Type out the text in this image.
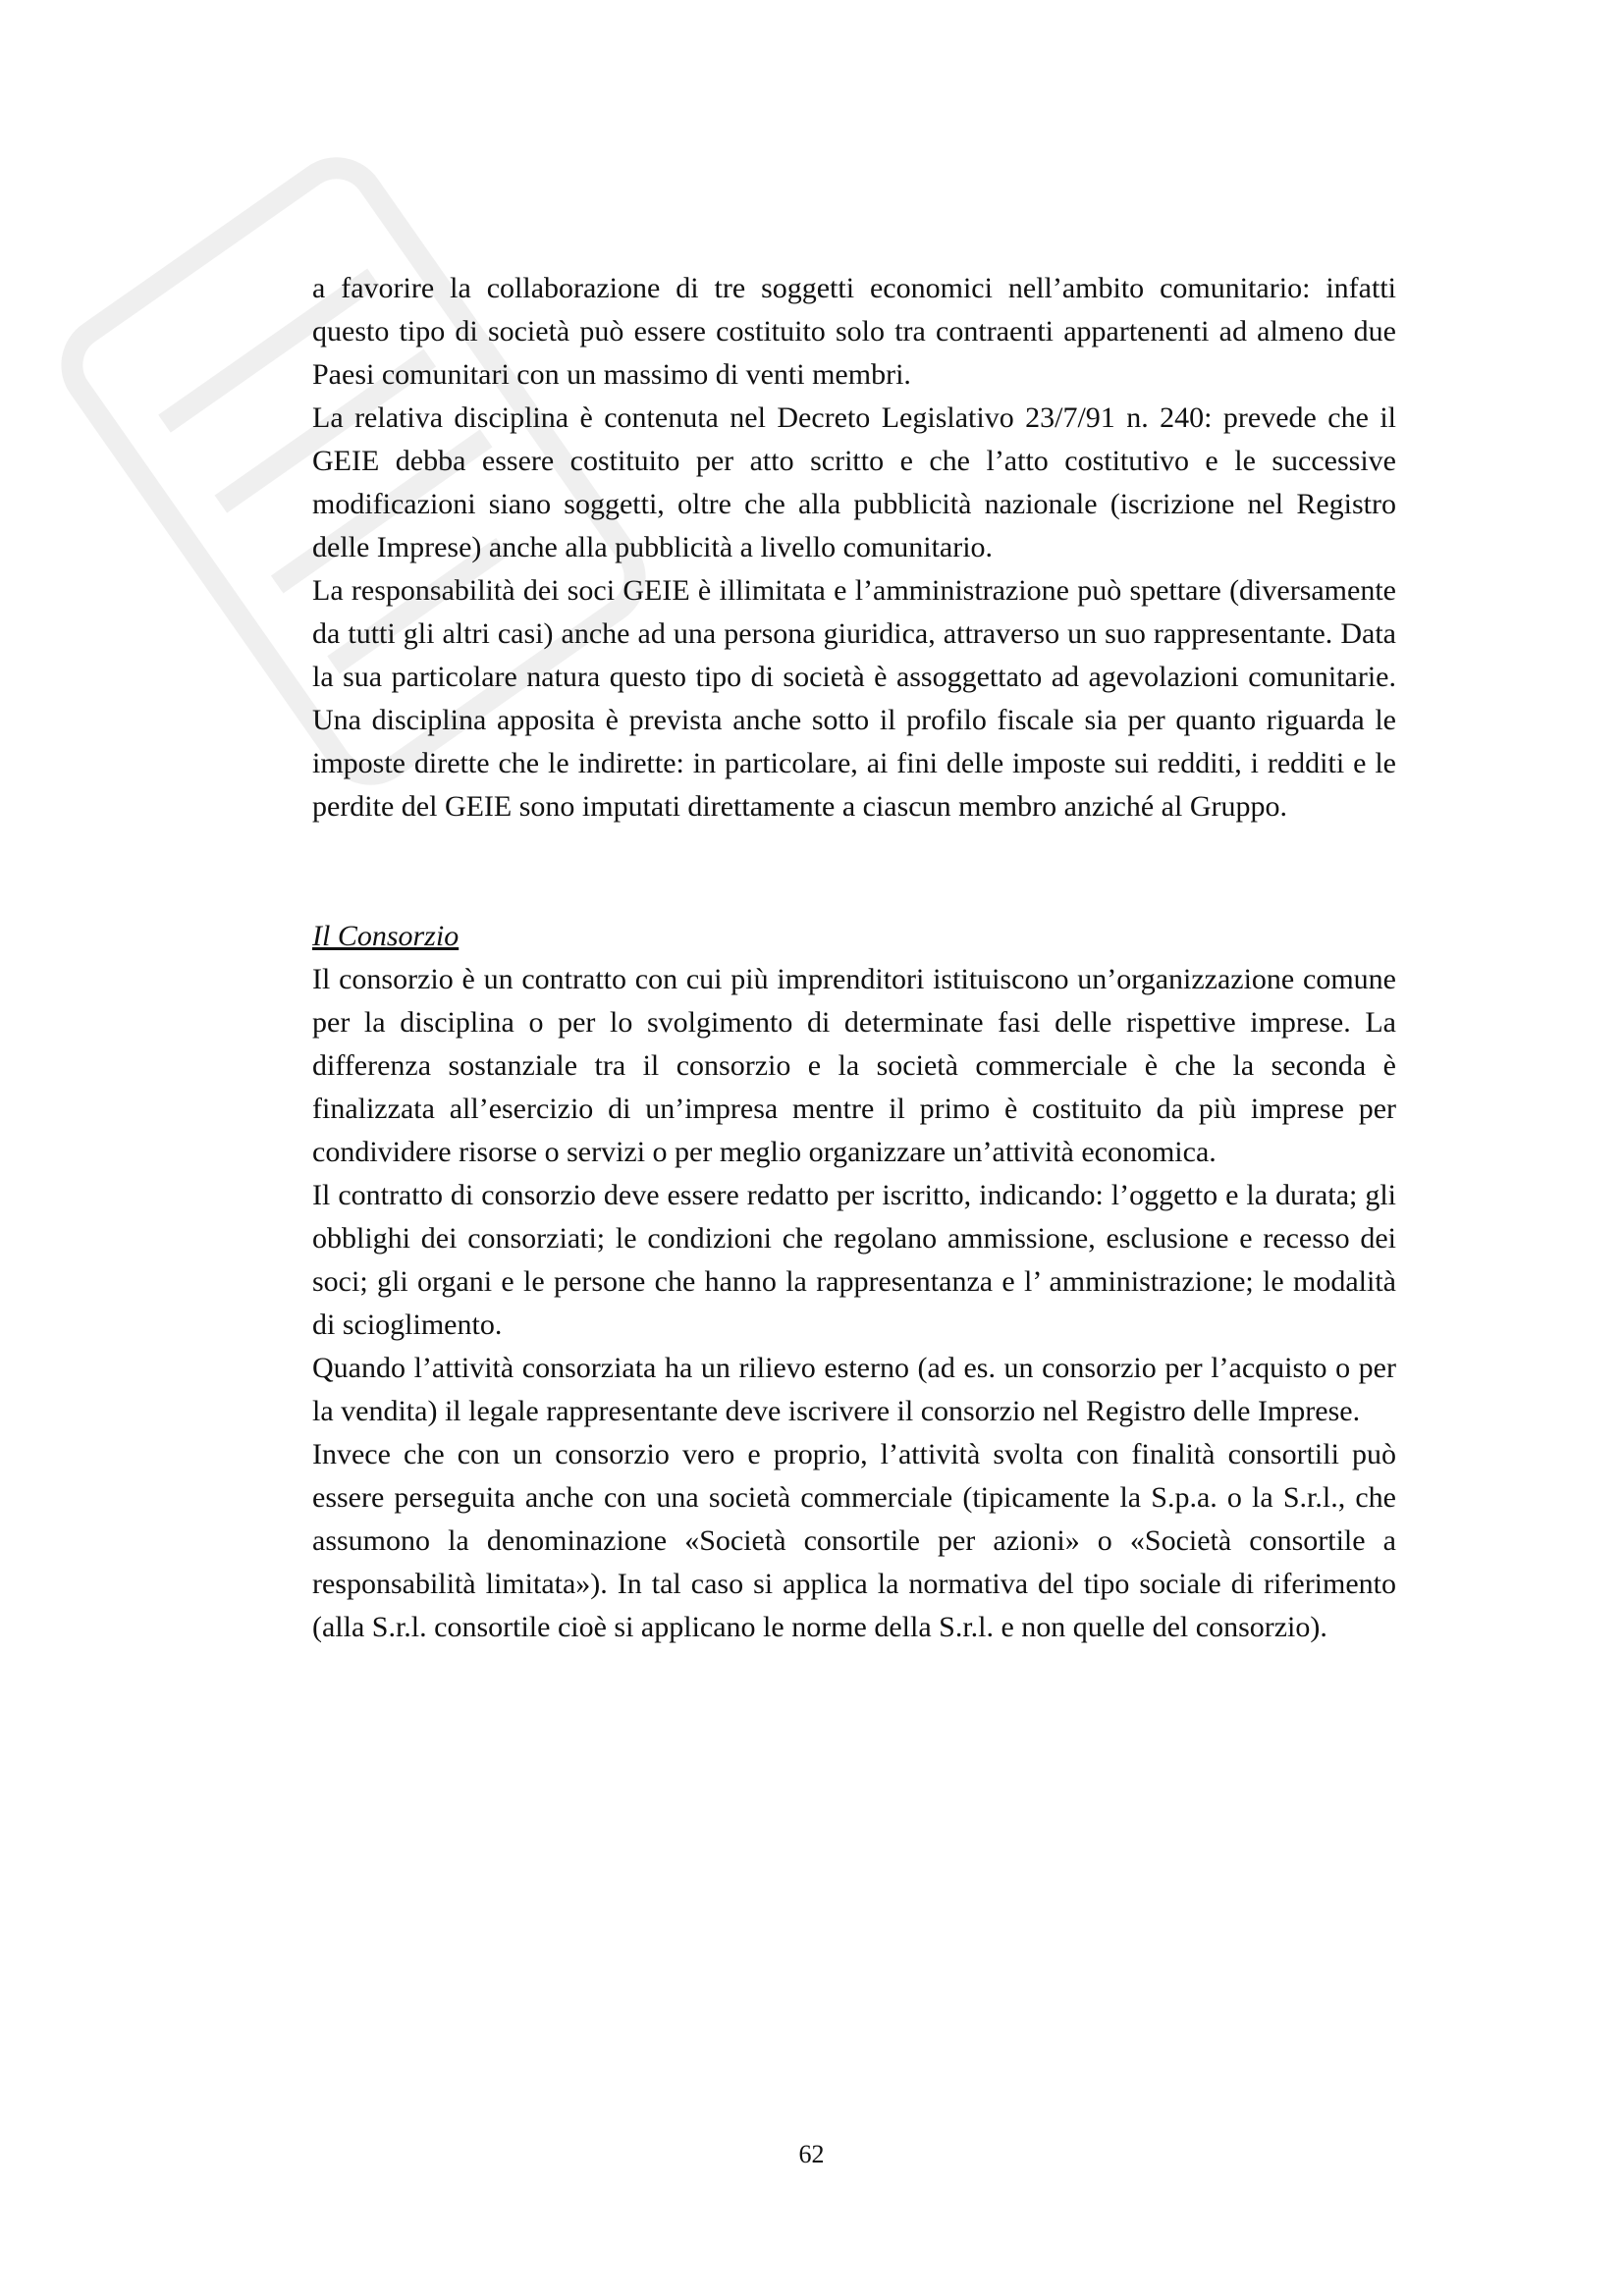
a favorire la collaborazione di tre soggetti economici nell’ambito comunitario: infatti questo tipo di società può essere costituito solo tra contraenti appartenenti ad almeno due Paesi comunitari con un massimo di venti membri.

La relativa disciplina è contenuta nel Decreto Legislativo 23/7/91 n. 240: prevede che il GEIE debba essere costituito per atto scritto e che l’atto costitutivo e le successive modificazioni siano soggetti, oltre che alla pubblicità nazionale (iscrizione nel Registro delle Imprese) anche alla pubblicità a livello comunitario.

La responsabilità dei soci GEIE è illimitata e l’amministrazione può spettare (diversamente da tutti gli altri casi) anche ad una persona giuridica, attraverso un suo rappresentante. Data la sua particolare natura questo tipo di società è assoggettato ad agevolazioni comunitarie. Una disciplina apposita è prevista anche sotto il profilo fiscale sia per quanto riguarda le imposte dirette che le indirette: in particolare, ai fini delle imposte sui redditi, i redditi e le perdite del GEIE sono imputati direttamente a ciascun membro anziché al Gruppo.

Il Consorzio

Il consorzio è un contratto con cui più imprenditori istituiscono un’organizzazione comune per la disciplina o per lo svolgimento di determinate fasi delle rispettive imprese. La differenza sostanziale tra il consorzio e la società commerciale è che la seconda è finalizzata all’esercizio di un’impresa mentre il primo è costituito da più imprese per condividere risorse o servizi o per meglio organizzare un’attività economica.

Il contratto di consorzio deve essere redatto per iscritto, indicando: l’oggetto e la durata; gli obblighi dei consorziati; le condizioni che regolano ammissione, esclusione e recesso dei soci; gli organi e le persone che hanno la rappresentanza e l’ amministrazione; le modalità di scioglimento.

Quando l’attività consorziata ha un rilievo esterno (ad es. un consorzio per l’acquisto o per la vendita) il legale rappresentante deve iscrivere il consorzio nel Registro delle Imprese.

Invece che con un consorzio vero e proprio, l’attività svolta con finalità consortili può essere perseguita anche con una società commerciale (tipicamente la S.p.a. o la S.r.l., che assumono la denominazione «Società consortile per azioni» o «Società consortile a responsabilità limitata»). In tal caso si applica la normativa del tipo sociale di riferimento (alla S.r.l. consortile cioè si applicano le norme della S.r.l. e non quelle del consorzio).

62
